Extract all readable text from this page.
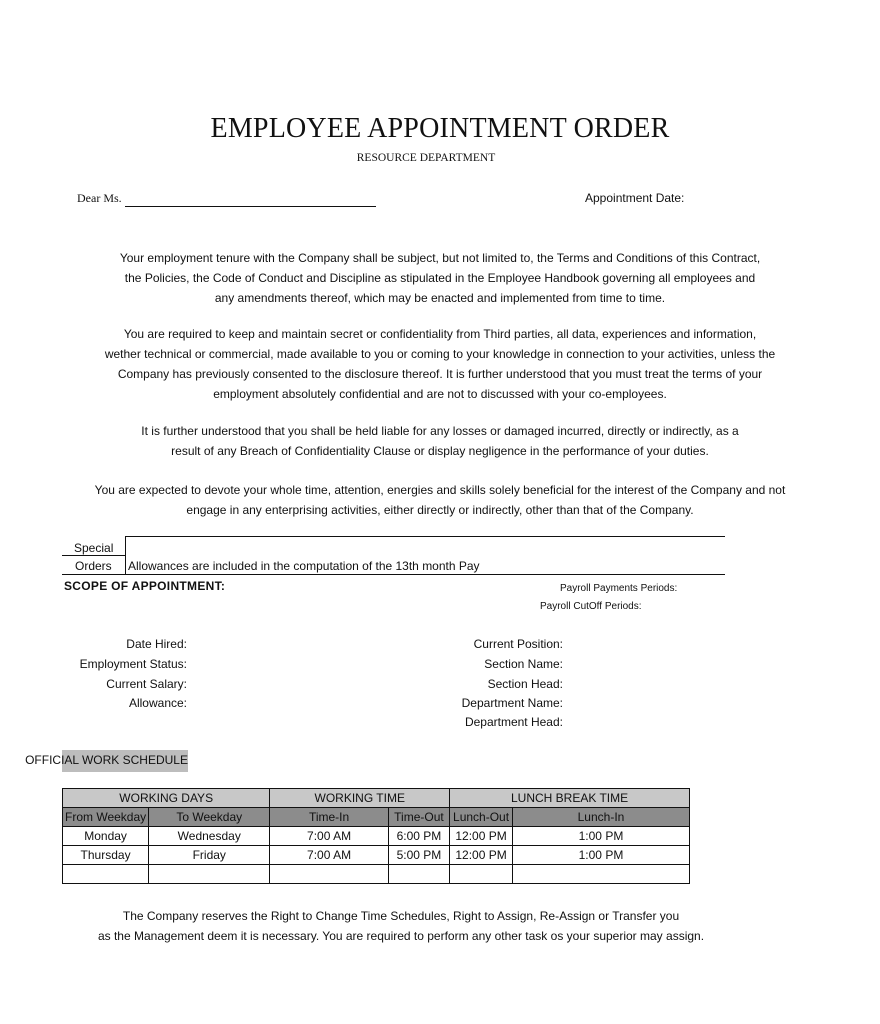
EMPLOYEE APPOINTMENT ORDER
RESOURCE DEPARTMENT
Dear Ms.	Appointment Date:
Your employment tenure with the Company shall be subject, but not limited to, the Terms and Conditions of this Contract,
the Policies, the Code of Conduct and Discipline as stipulated in the Employee Handbook governing all employees and
any amendments thereof, which may be enacted and implemented from time to time.
You are required to keep and maintain secret or confidentiality from Third parties, all data, experiences and information,
wether technical or commercial, made available to you or coming to your knowledge in connection to your activities, unless the
Company has previously consented to the disclosure thereof. It is further understood that you must treat the terms of your
employment absolutely confidential and are not to discussed with your co-employees.
It is further understood that you shall be held liable for any losses or damaged incurred, directly or indirectly, as a
result of any Breach of Confidentiality Clause or display negligence in the performance of your duties.
You are expected to devote your whole time, attention, energies and skills solely beneficial for the interest of the Company and not
engage in any enterprising activities, either directly or indirectly, other than that of the Company.
Special
Orders Allowances are included in the computation of the 13th month Pay
SCOPE OF APPOINTMENT:	Payroll Payments Periods:
Payroll CutOff Periods:
Date Hired:
Employment Status:
Current Salary:
Allowance:
Current Position:
Section Name:
Section Head:
Department Name:
Department Head:
OFFICIAL WORK SCHEDULE
WORKING DAYS		WORKING TIME		LUNCH BREAK TIME	
From Weekday	To Weekday	Time-In	Time-Out	Lunch-Out	Lunch-In
Monday	Wednesday	7:00 AM	6:00 PM	12:00 PM	1:00 PM
Thursday	Friday	7:00 AM	5:00 PM	12:00 PM	1:00 PM

The Company reserves the Right to Change Time Schedules, Right to Assign, Re-Assign or Transfer you
as the Management deem it is necessary. You are required to perform any other task os your superior may assign.
